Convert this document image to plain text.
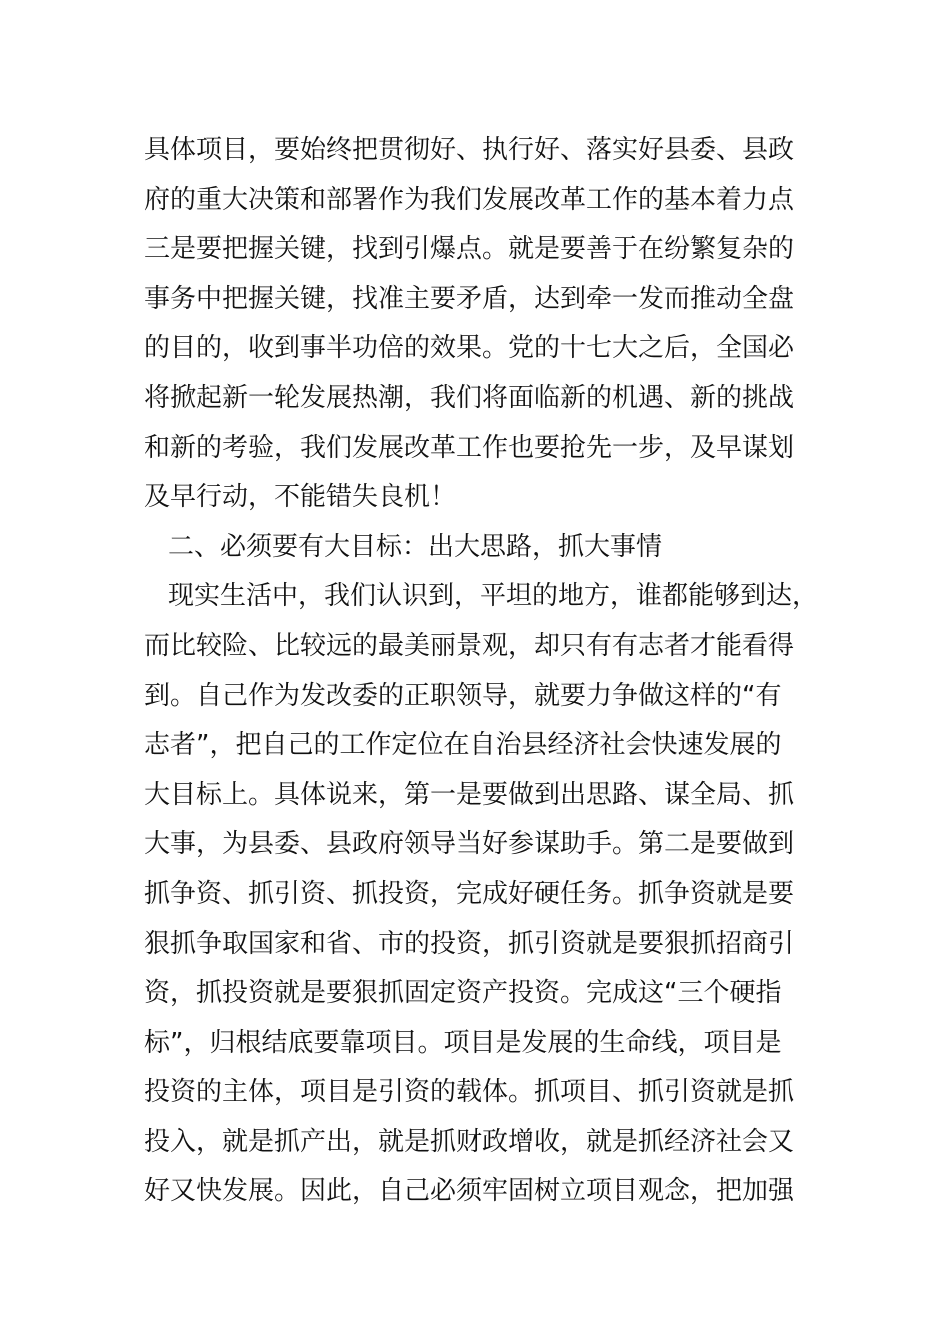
具体项目，要始终把贯彻好、执行好、落实好县委、县政
府的重大决策和部署作为我们发展改革工作的基本着力点
三是要把握关键，找到引爆点。就是要善于在纷繁复杂的
事务中把握关键，找准主要矛盾，达到牵一发而推动全盘
的目的，收到事半功倍的效果。党的十七大之后，全国必
将掀起新一轮发展热潮，我们将面临新的机遇、新的挑战
和新的考验，我们发展改革工作也要抢先一步，及早谋划
及早行动，不能错失良机！
二、必须要有大目标：出大思路，抓大事情
现实生活中，我们认识到，平坦的地方，谁都能够到达，
而比较险、比较远的最美丽景观，却只有有志者才能看得
到。自己作为发改委的正职领导，就要力争做这样的“有
志者”，把自己的工作定位在自治县经济社会快速发展的
大目标上。具体说来，第一是要做到出思路、谋全局、抓
大事，为县委、县政府领导当好参谋助手。第二是要做到
抓争资、抓引资、抓投资，完成好硬任务。抓争资就是要
狠抓争取国家和省、市的投资，抓引资就是要狠抓招商引
资，抓投资就是要狠抓固定资产投资。完成这“三个硬指
标”，归根结底要靠项目。项目是发展的生命线，项目是
投资的主体，项目是引资的载体。抓项目、抓引资就是抓
投入，就是抓产出，就是抓财政增收，就是抓经济社会又
好又快发展。因此，自己必须牢固树立项目观念，把加强
